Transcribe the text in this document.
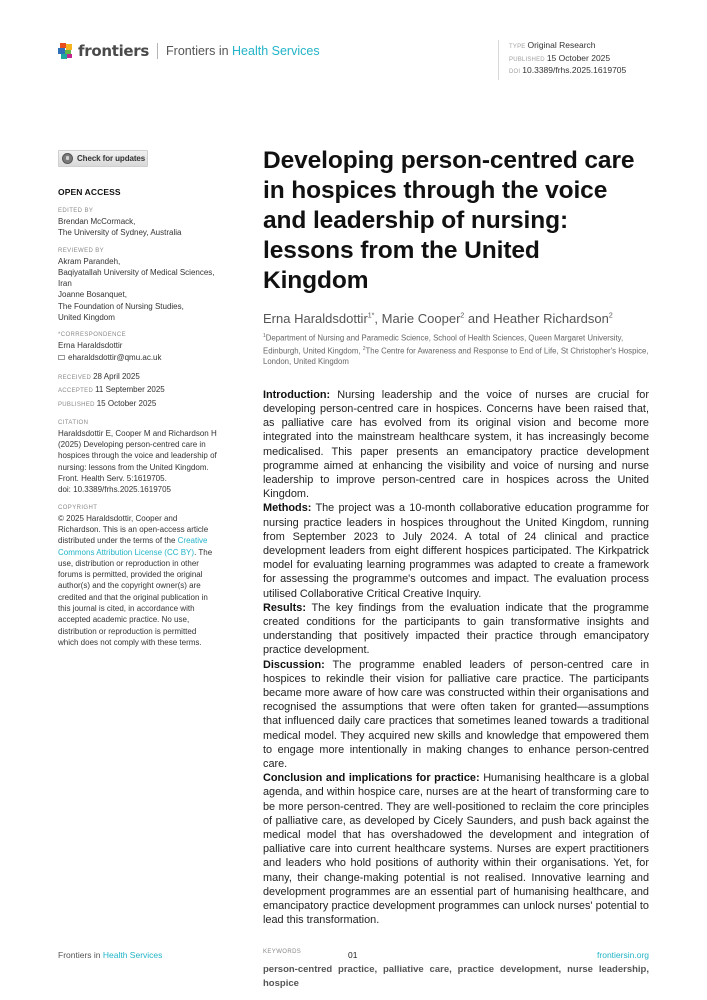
frontiers Frontiers in Health Services	TYPE Original Research
PUBLISHED 15 October 2025
DOI 10.3389/frhs.2025.1619705
Check for updates
OPEN ACCESS
EDITED BY
Brendan McCormack,
The University of Sydney, Australia
REVIEWED BY
Akram Parandeh,
Baqiyatallah University of Medical Sciences,
Iran
Joanne Bosanquet,
The Foundation of Nursing Studies,
United Kingdom
*CORRESPONDENCE
Erna Haraldsdottir
eharaldsdottir@qmu.ac.uk
RECEIVED 28 April 2025
ACCEPTED 11 September 2025
PUBLISHED 15 October 2025
CITATION
Haraldsdottir E, Cooper M and Richardson H
(2025) Developing person-centred care in
hospices through the voice and leadership of
nursing: lessons from the United Kingdom.
Front. Health Serv. 5:1619705.
doi: 10.3389/frhs.2025.1619705
COPYRIGHT
© 2025 Haraldsdottir, Cooper and
Richardson. This is an open-access article
distributed under the terms of the Creative
Commons Attribution License (CC BY). The
use, distribution or reproduction in other
forums is permitted, provided the original
author(s) and the copyright owner(s) are
credited and that the original publication in
this journal is cited, in accordance with
accepted academic practice. No use,
distribution or reproduction is permitted
which does not comply with these terms.
Developing person-centred care
in hospices through the voice
and leadership of nursing:
lessons from the United Kingdom
Erna Haraldsdottir$^{1*}$, Marie Cooper$^2$ and Heather Richardson$^2$
$^1$Department of Nursing and Paramedic Science, School of Health Sciences, Queen Margaret University, Edinburgh, United Kingdom, $^2$The Centre for Awareness and Response to End of Life, St Christopher's Hospice, London, United Kingdom

Introduction: Nursing leadership and the voice of nurses are crucial for developing person-centred care in hospices. Concerns have been raised that, as palliative care has evolved from its original vision and become more integrated into the mainstream healthcare system, it has increasingly become medicalised. This paper presents an emancipatory practice development programme aimed at enhancing the visibility and voice of nursing and nurse leadership to improve person-centred care in hospices across the United Kingdom.

Methods: The project was a 10-month collaborative education programme for nursing practice leaders in hospices throughout the United Kingdom, running from September 2023 to July 2024. A total of 24 clinical and practice development leaders from eight different hospices participated. The Kirkpatrick model for evaluating learning programmes was adapted to create a framework for assessing the programme's outcomes and impact. The evaluation process utilised Collaborative Critical Creative Inquiry.

Results: The key findings from the evaluation indicate that the programme created conditions for the participants to gain transformative insights and understanding that positively impacted their practice through emancipatory practice development.

Discussion: The programme enabled leaders of person-centred care in hospices to rekindle their vision for palliative care practice. The participants became more aware of how care was constructed within their organisations and recognised the assumptions that were often taken for granted—assumptions that influenced daily care practices that sometimes leaned towards a traditional medical model. They acquired new skills and knowledge that empowered them to engage more intentionally in making changes to enhance person-centred care.

Conclusion and implications for practice: Humanising healthcare is a global agenda, and within hospice care, nurses are at the heart of transforming care to be more person-centred. They are well-positioned to reclaim the core principles of palliative care, as developed by Cicely Saunders, and push back against the medical model that has overshadowed the development and integration of palliative care into current healthcare systems. Nurses are expert practitioners and leaders who hold positions of authority within their organisations. Yet, for many, their change-making potential is not realised. Innovative learning and development programmes are an essential part of humanising healthcare, and emancipatory practice development programmes can unlock nurses' potential to lead this transformation.

KEYWORDS
person-centred practice, palliative care, practice development, nurse leadership, hospice
Frontiers in Health Services	01	frontiersin.org
